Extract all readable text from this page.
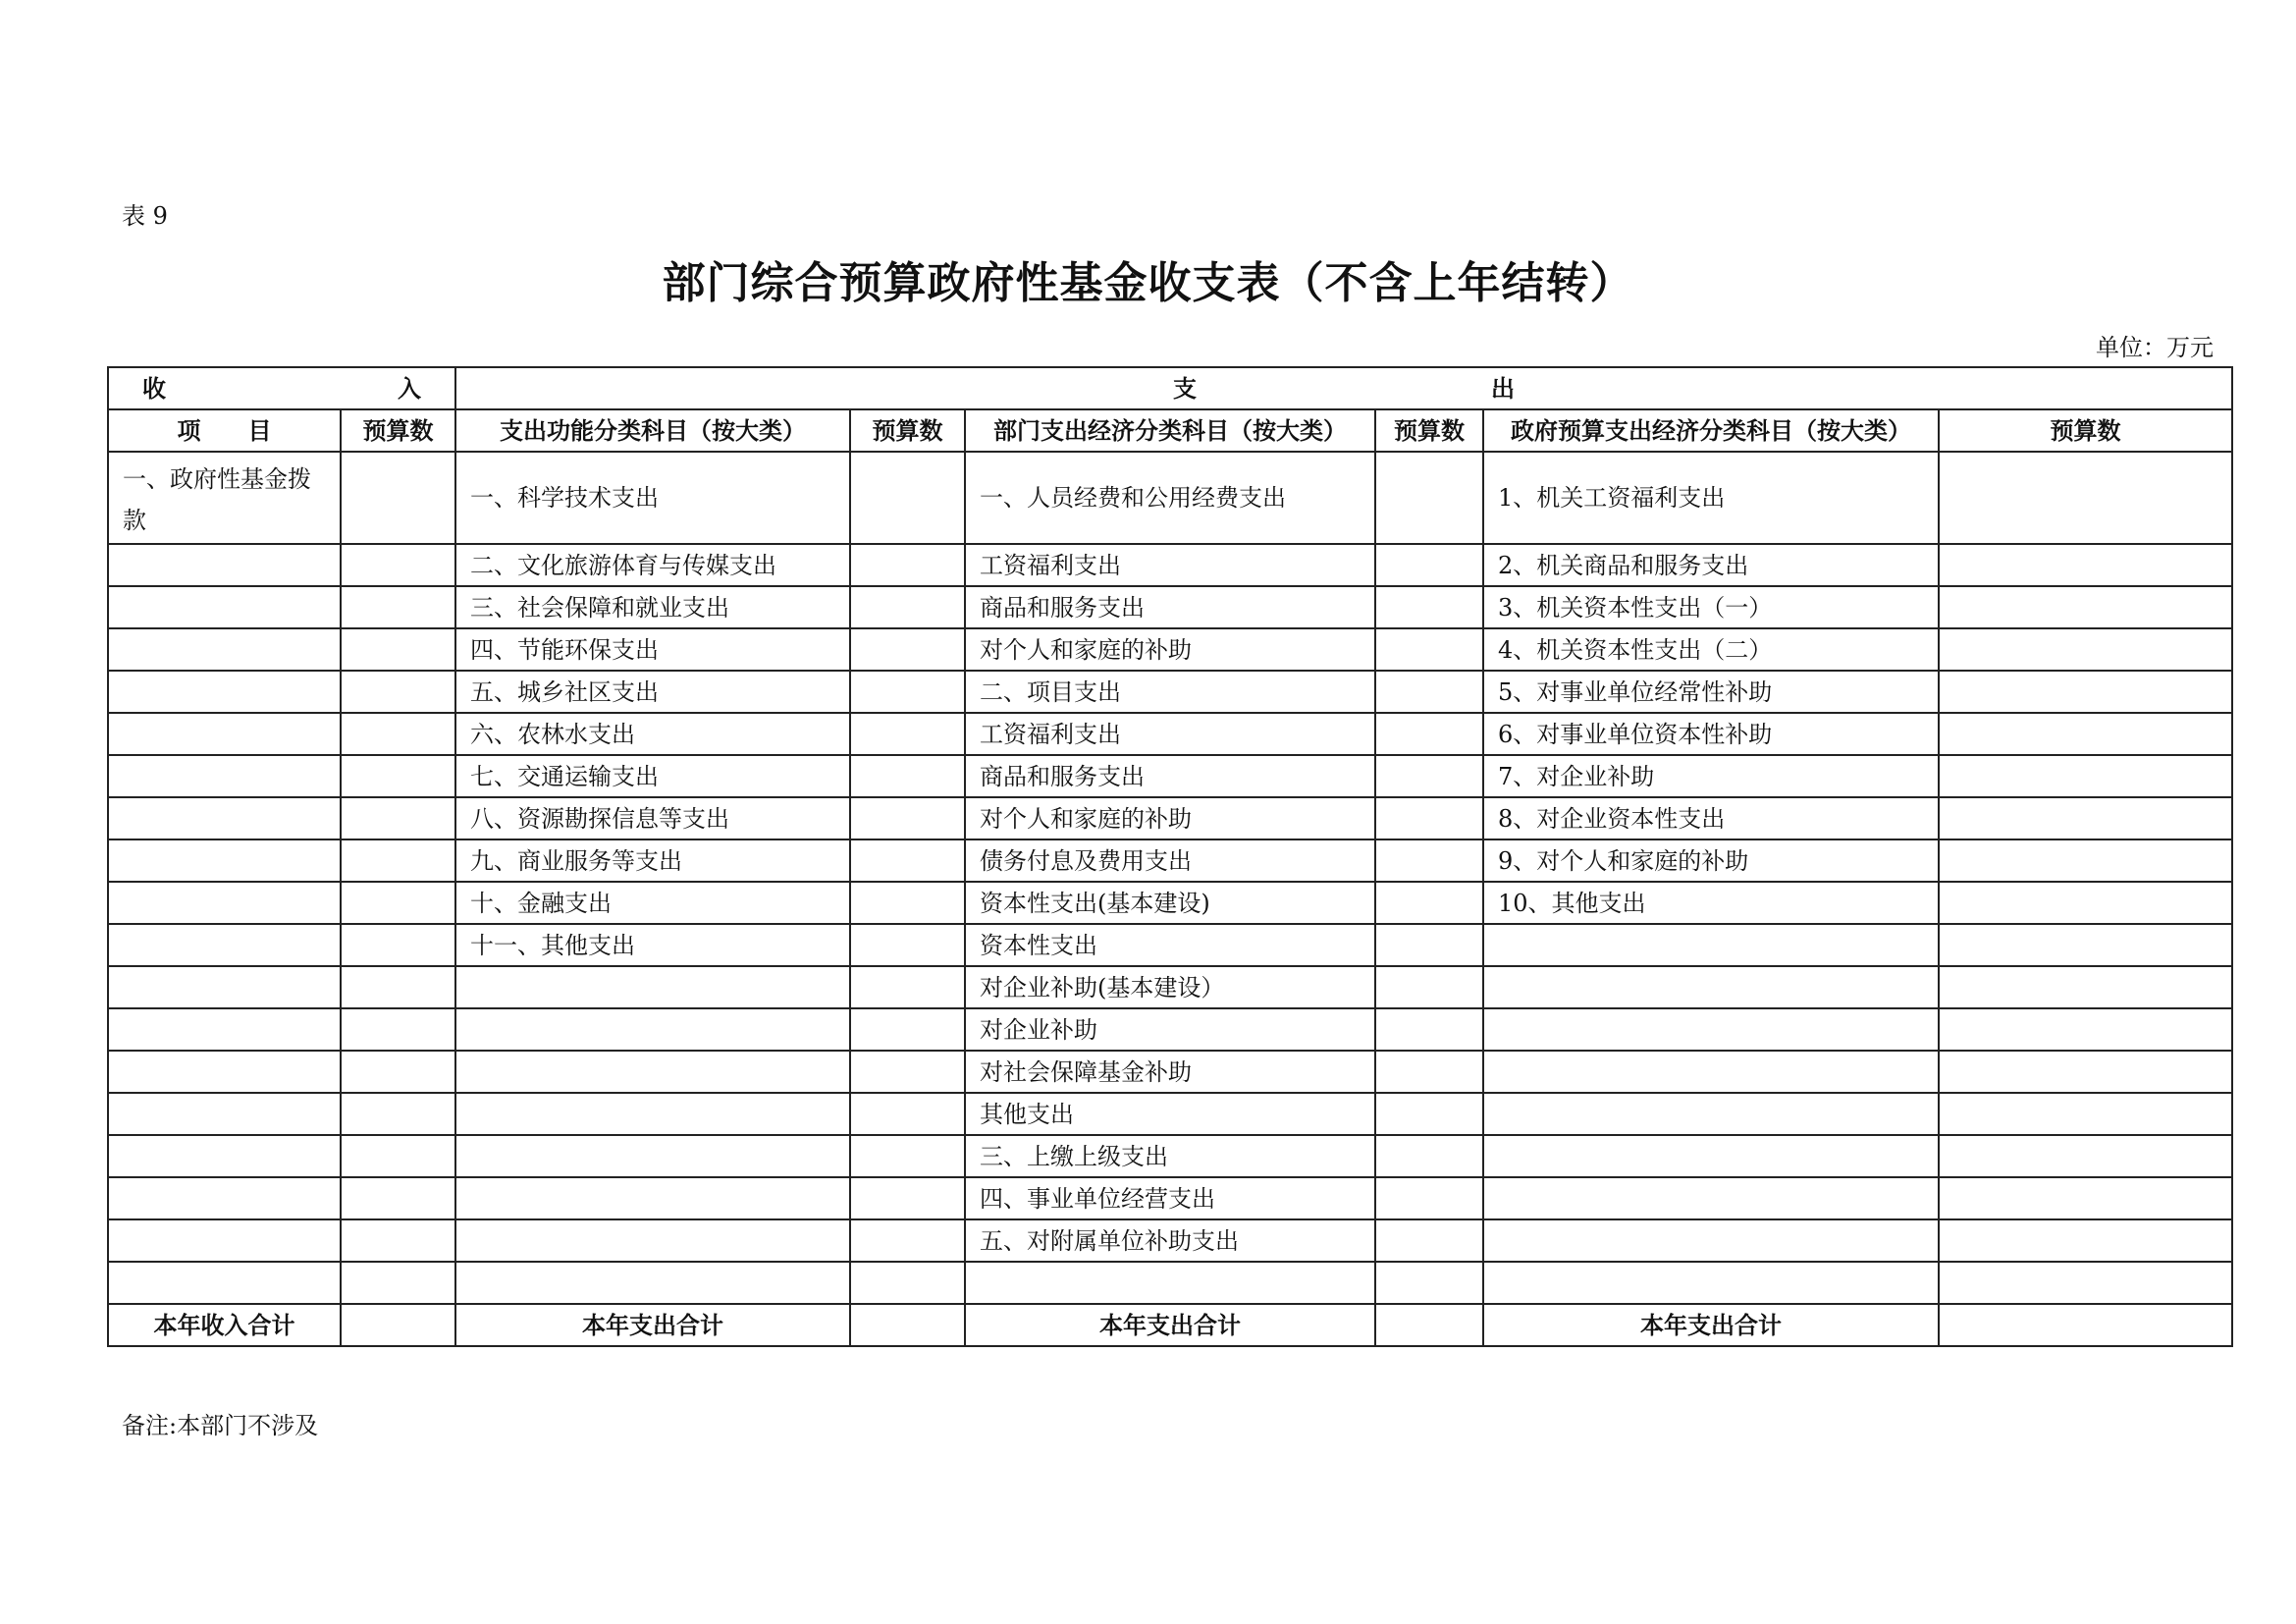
表 9
部门综合预算政府性基金收支表（不含上年结转）
单位：万元
收 入		支 出					

项　　目	预算数	支出功能分类科目（按大类）	预算数	部门支出经济分类科目（按大类）	预算数	政府预算支出经济分类科目（按大类）	预算数
一、政府性基金拨款		一、科学技术支出		一、人员经费和公用经费支出		1、机关工资福利支出	
		二、文化旅游体育与传媒支出		工资福利支出		2、机关商品和服务支出	
		三、社会保障和就业支出		商品和服务支出		3、机关资本性支出（一）	
		四、节能环保支出		对个人和家庭的补助		4、机关资本性支出（二）	
		五、城乡社区支出		二、项目支出		5、对事业单位经常性补助	
		六、农林水支出		工资福利支出		6、对事业单位资本性补助	
		七、交通运输支出		商品和服务支出		7、对企业补助	
		八、资源勘探信息等支出		对个人和家庭的补助		8、对企业资本性支出	
		九、商业服务等支出		债务付息及费用支出		9、对个人和家庭的补助	
		十、金融支出		资本性支出(基本建设)		10、其他支出	
		十一、其他支出		资本性支出			
				对企业补助(基本建设）			
				对企业补助			
				对社会保障基金补助			
				其他支出			
				三、上缴上级支出			
				四、事业单位经营支出			
				五、对附属单位补助支出			

本年收入合计		本年支出合计		本年支出合计		本年支出合计	
备注:本部门不涉及
